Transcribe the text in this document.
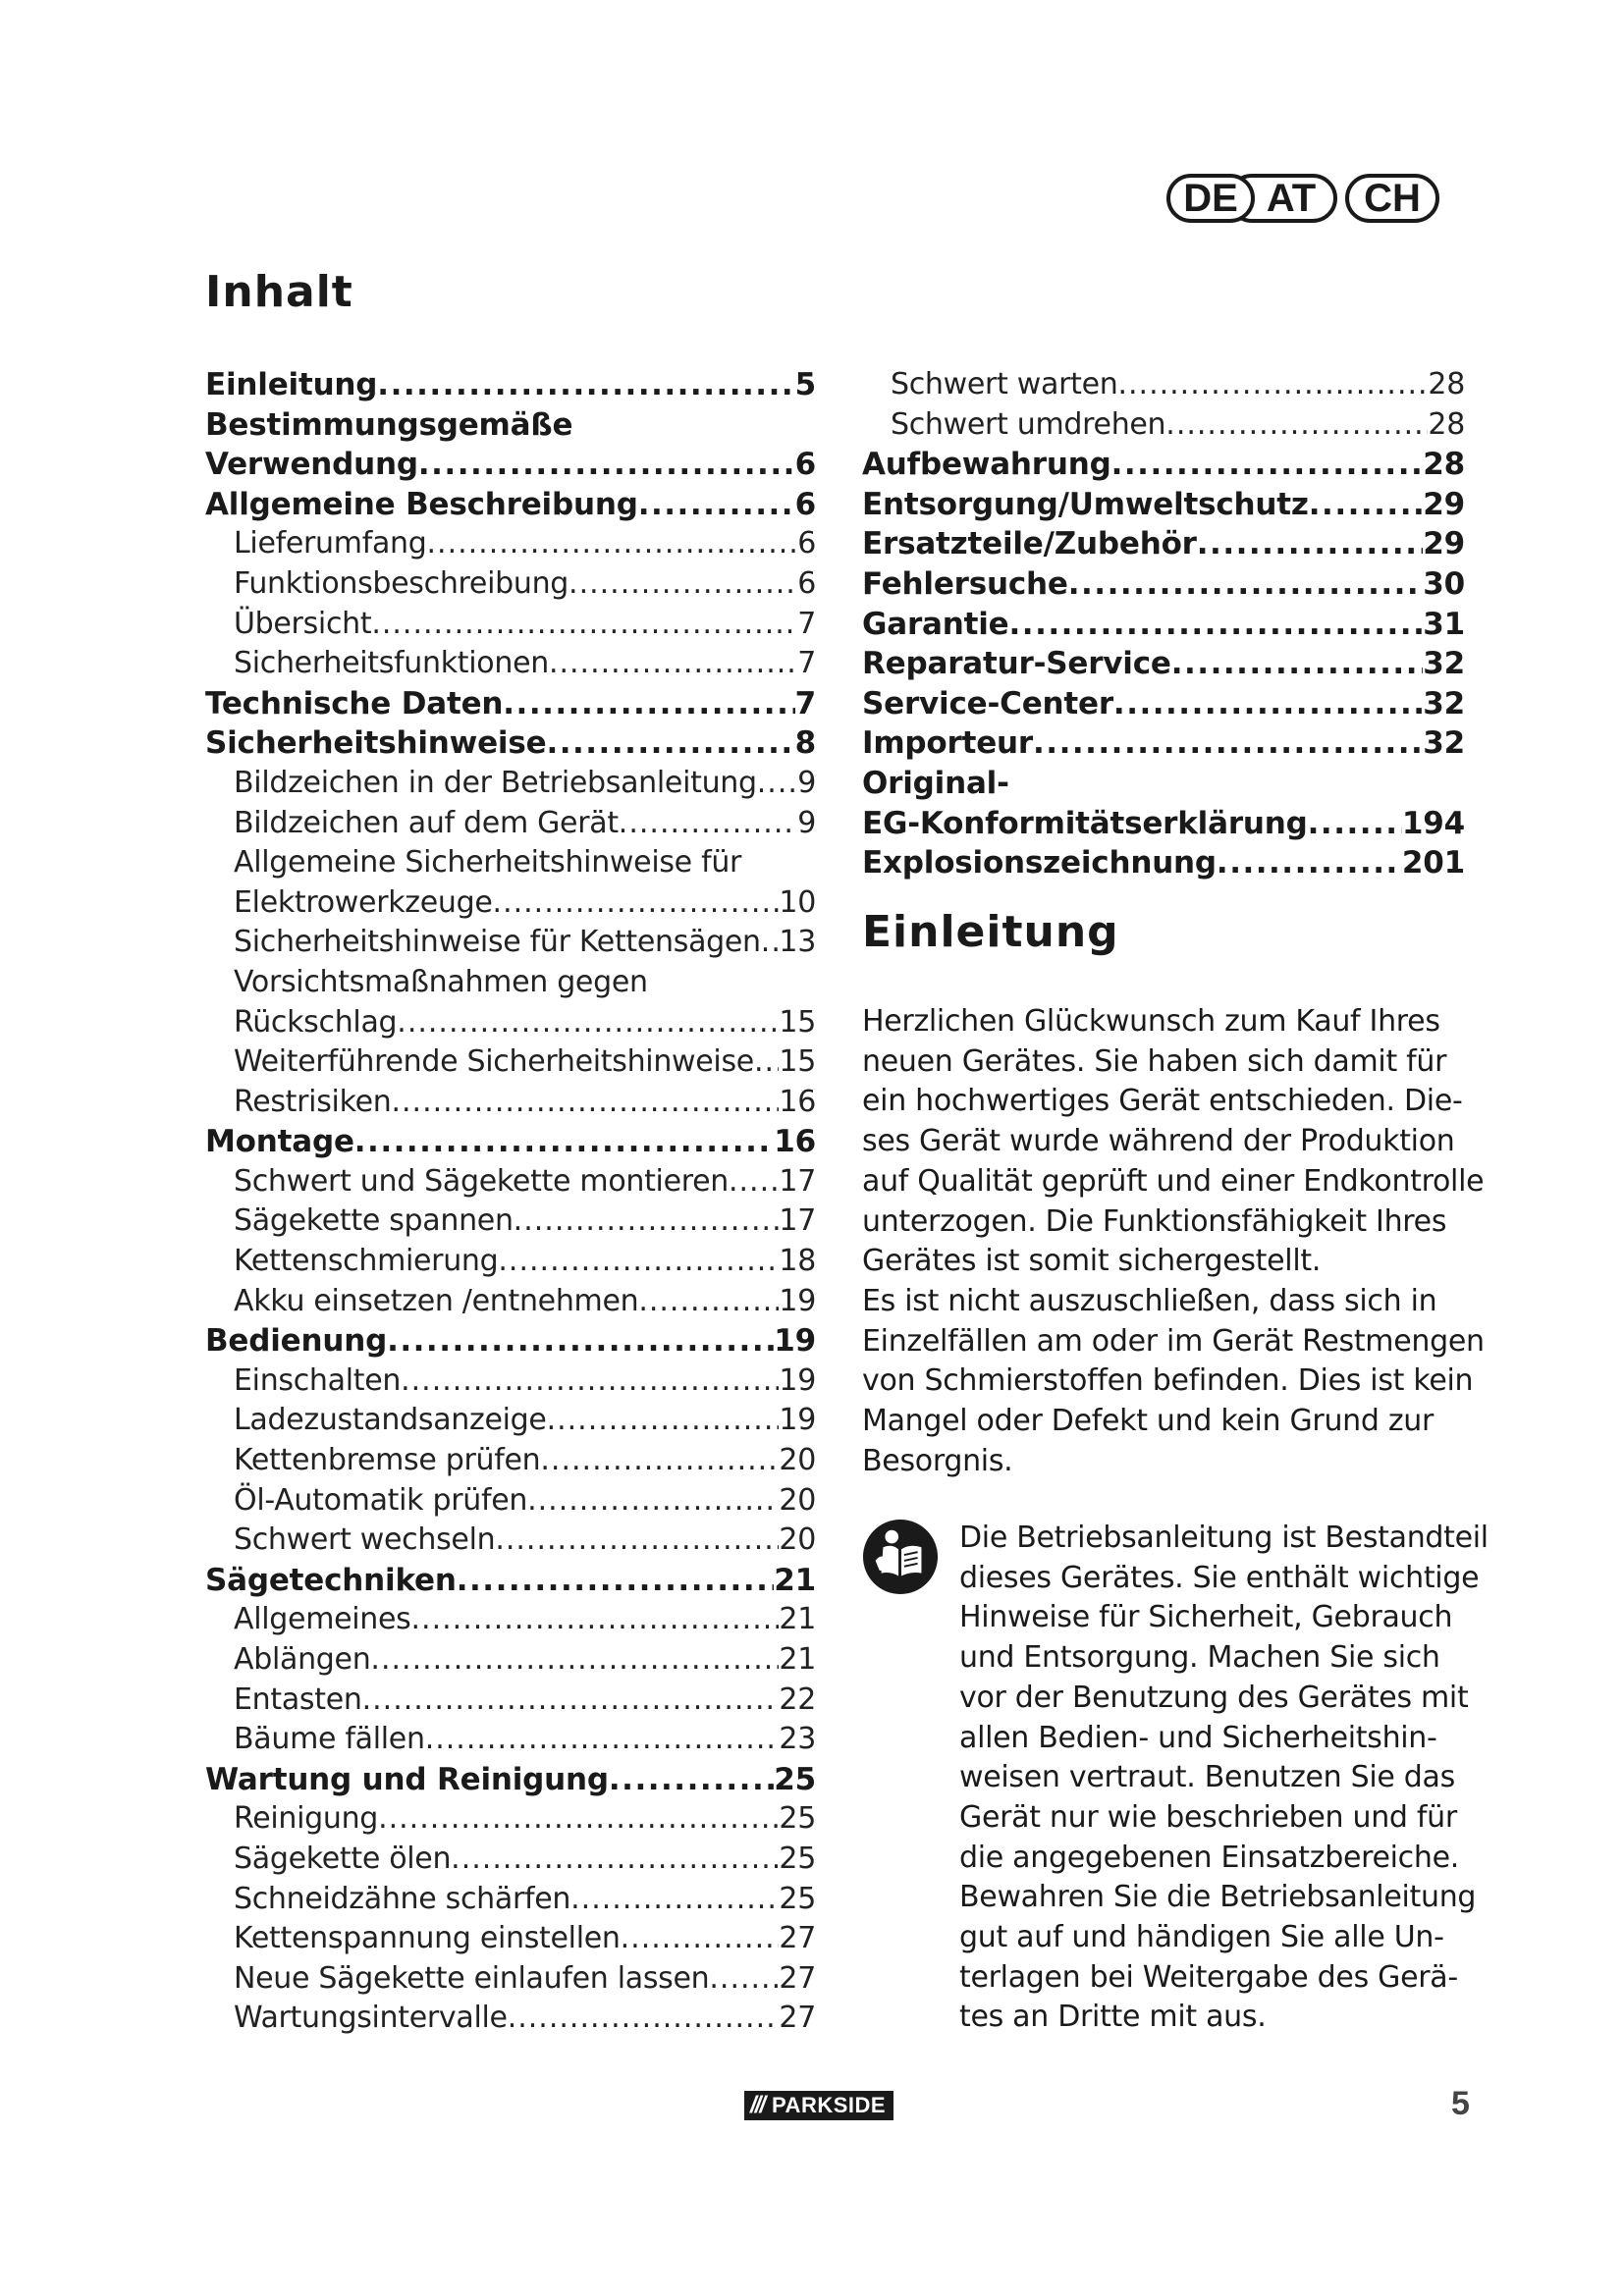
DE AT	CH
Inhalt
Einleitung .....	5
Bestimmungsgemäße
Verwendung .....	6
Allgemeine Beschreibung .....	6
Lieferumfang .....	6
Funktionsbeschreibung .....	6
Übersicht .....	7
Sicherheitsfunktionen .....	7
Technische Daten .....	7
Sicherheitshinweise .....	8
Bildzeichen in der Betriebsanleitung ..... 9
Bildzeichen auf dem Gerät .....	9
Allgemeine Sicherheitshinweise für
Elektrowerkzeuge .....	10
Sicherheitshinweise für Kettensägen ..... 13
Vorsichtsmaßnahmen gegen
Rückschlag .....	15
Weiterführende Sicherheitshinweise ..... 15
Restrisiken .....	16
Montage .....	16
Schwert und Sägekette montieren ..... 17
Sägekette spannen .....	17
Kettenschmierung .....	18
Akku einsetzen /entnehmen .....	19
Bedienung .....	19
Einschalten .....	19
Ladezustandsanzeige .....	19
Kettenbremse prüfen .....	20
Öl-Automatik prüfen .....	20
Schwert wechseln .....	20
Sägetechniken .....	21
Allgemeines .....	21
Ablängen .....	21
Entasten .....	22
Bäume fällen .....	23
Wartung und Reinigung .....	25
Reinigung .....	25
Sägekette ölen .....	25
Schneidzähne schärfen .....	25
Kettenspannung einstellen .....	27
Neue Sägekette einlaufen lassen ..... 27
Wartungsintervalle .....	27
Schwert warten .....	28
Schwert umdrehen .....	28
Aufbewahrung .....	28
Entsorgung/Umweltschutz .....	29
Ersatzteile/Zubehör .....	29
Fehlersuche .....	30
Garantie .....	31
Reparatur-Service .....	32
Service-Center .....	32
Importeur .....	32
Original-
EG-Konformitätserklärung .....	194
Explosionszeichnung .....	201
Einleitung

Herzlichen Glückwunsch zum Kauf Ihres
neuen Gerätes. Sie haben sich damit für
ein hochwertiges Gerät entschieden. Die-
ses Gerät wurde während der Produktion
auf Qualität geprüft und einer Endkontrolle
unterzogen. Die Funktionsfähigkeit Ihres
Gerätes ist somit sichergestellt.
Es ist nicht auszuschließen, dass sich in
Einzelfällen am oder im Gerät Restmengen
von Schmierstoffen befinden. Dies ist kein
Mangel oder Defekt und kein Grund zur
Besorgnis.

Die Betriebsanleitung ist Bestandteil
dieses Gerätes. Sie enthält wichtige
Hinweise für Sicherheit, Gebrauch
und Entsorgung. Machen Sie sich
vor der Benutzung des Gerätes mit
allen Bedien- und Sicherheitshin-
weisen vertraut. Benutzen Sie das
Gerät nur wie beschrieben und für
die angegebenen Einsatzbereiche.
Bewahren Sie die Betriebsanleitung
gut auf und händigen Sie alle Un-
terlagen bei Weitergabe des Gerä-
tes an Dritte mit aus.

/// PARKSIDE	5
